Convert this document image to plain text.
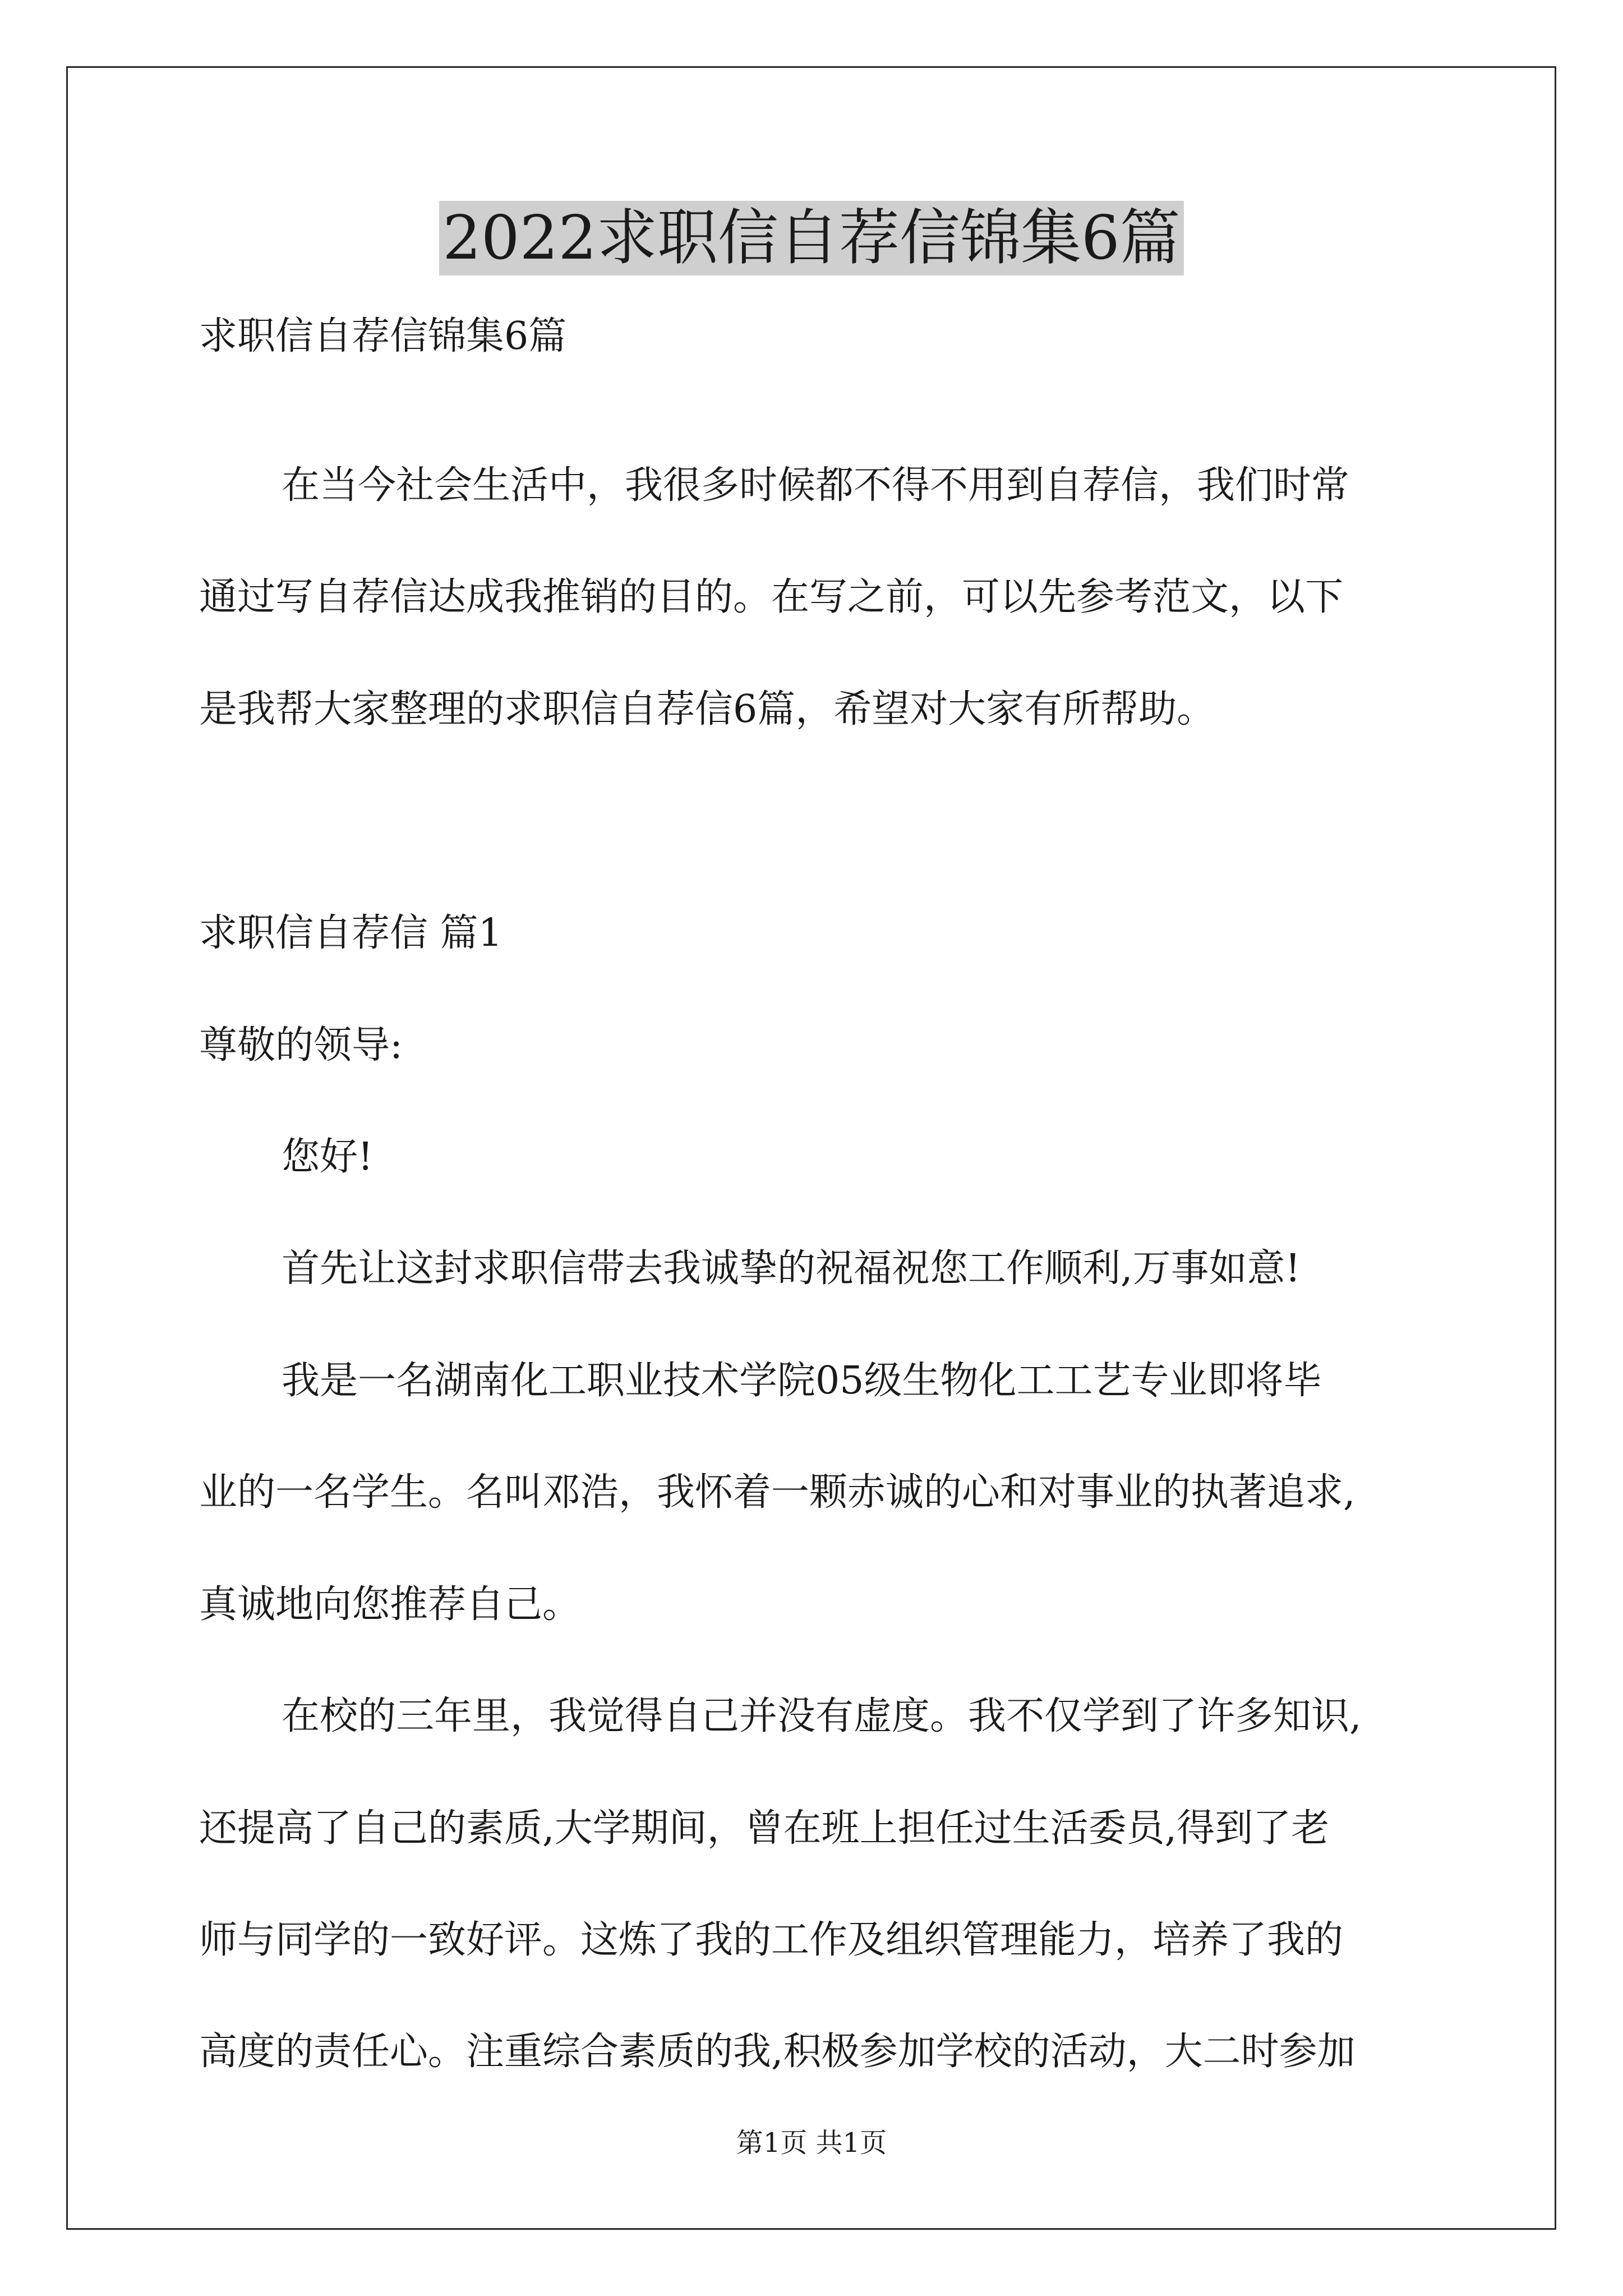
2022求职信自荐信锦集6篇

求职信自荐信锦集6篇

在当今社会生活中，我很多时候都不得不用到自荐信，我们时常

通过写自荐信达成我推销的目的。在写之前，可以先参考范文，以下

是我帮大家整理的求职信自荐信6篇，希望对大家有所帮助。

求职信自荐信 篇1

尊敬的领导:

您好!

首先让这封求职信带去我诚挚的祝福祝您工作顺利,万事如意!

我是一名湖南化工职业技术学院05级生物化工工艺专业即将毕

业的一名学生。名叫邓浩，我怀着一颗赤诚的心和对事业的执著追求,

真诚地向您推荐自己。

在校的三年里，我觉得自己并没有虚度。我不仅学到了许多知识,

还提高了自己的素质,大学期间，曾在班上担任过生活委员,得到了老

师与同学的一致好评。这炼了我的工作及组织管理能力，培养了我的

高度的责任心。注重综合素质的我,积极参加学校的活动，大二时参加

第1页 共1页
